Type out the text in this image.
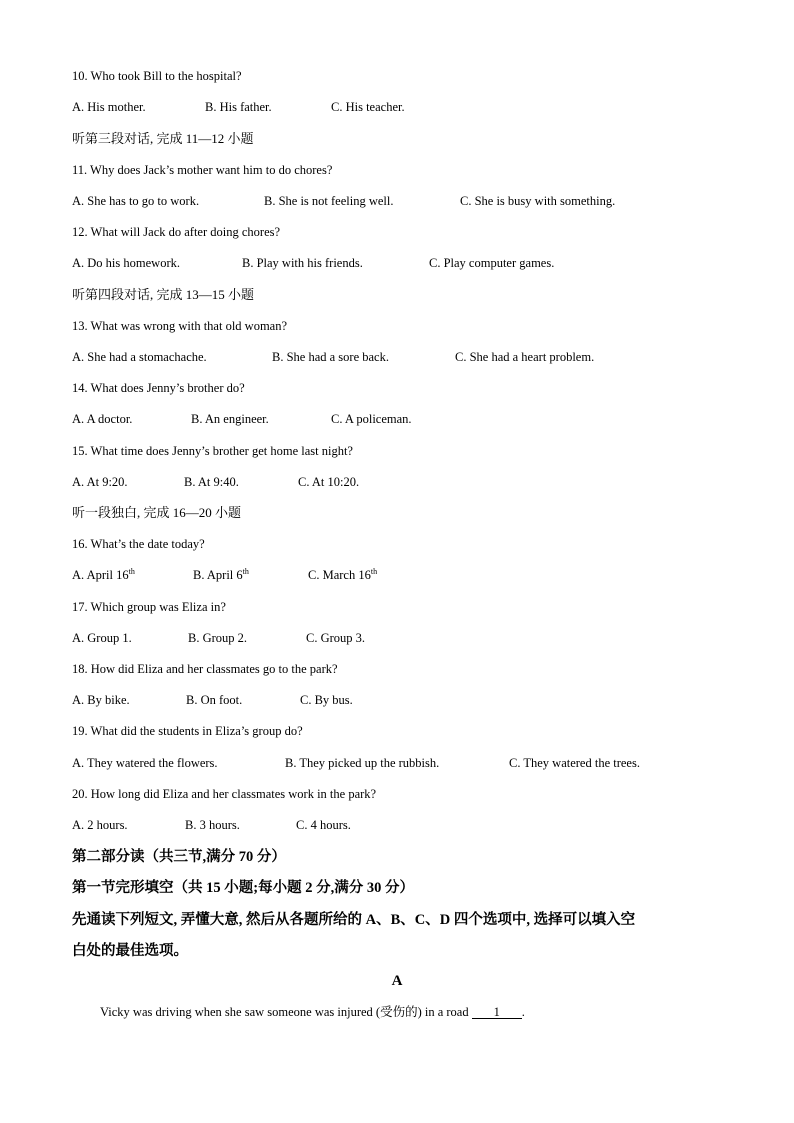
10. Who took Bill to the hospital?
A. His mother.	B. His father.	C. His teacher.
听第三段对话, 完成 11—12 小题
11. Why does Jack’s mother want him to do chores?
A. She has to go to work.	B. She is not feeling well.	C. She is busy with something.
12. What will Jack do after doing chores?
A. Do his homework.	B. Play with his friends.	C. Play computer games.
听第四段对话, 完成 13—15 小题
13. What was wrong with that old woman?
A. She had a stomachache.	B. She had a sore back.	C. She had a heart problem.
14. What does Jenny’s brother do?
A. A doctor.	B. An engineer.	C. A policeman.
15. What time does Jenny’s brother get home last night?
A. At 9:20.	B. At 9:40.	C. At 10:20.
听一段独白, 完成 16—20 小题
16. What’s the date today?
A. April 16th	B. April 6th	C. March 16th
17. Which group was Eliza in?
A. Group 1.	B. Group 2.	C. Group 3.
18. How did Eliza and her classmates go to the park?
A. By bike.	B. On foot.	C. By bus.
19. What did the students in Eliza’s group do?
A. They watered the flowers.	B. They picked up the rubbish.	C. They watered the trees.
20. How long did Eliza and her classmates work in the park?
A. 2 hours.	B. 3 hours.	C. 4 hours.
第二部分读（共三节,满分 70 分）
第一节完形填空（共 15 小题;每小题 2 分,满分 30 分）
先通读下列短文, 弄懂大意, 然后从各题所给的 A、B、C、D 四个选项中, 选择可以填入空
白处的最佳选项。
A
Vicky was driving when she saw someone was injured (受伤的) in a road 1 .
